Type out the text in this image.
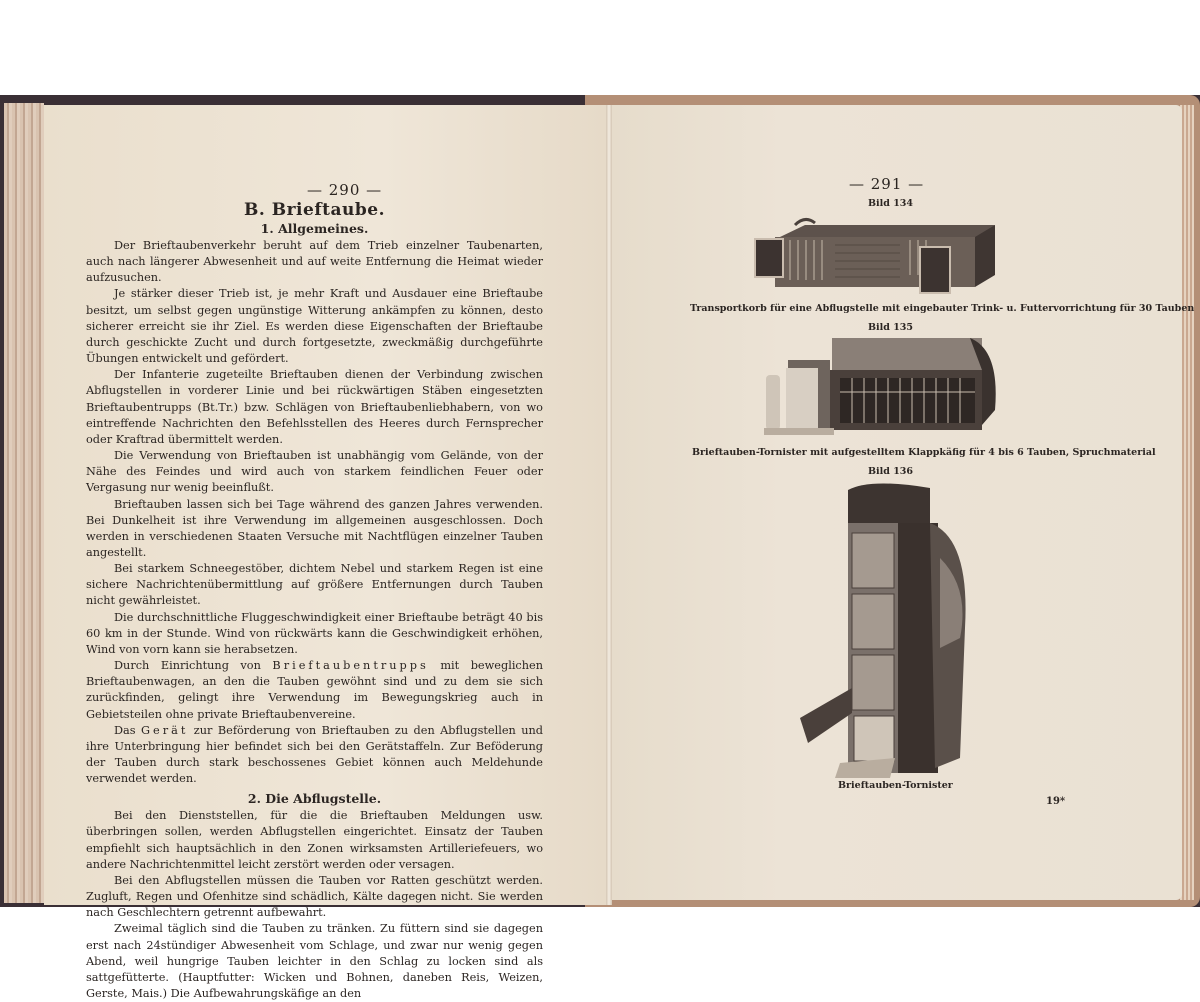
— 290 —
B. Brieftaube.
1. Allgemeines.

Der Brieftaubenverkehr beruht auf dem Trieb einzelner Taubenarten, auch nach längerer Abwesenheit und auf weite Entfernung die Heimat wieder aufzusuchen.

Je stärker dieser Trieb ist, je mehr Kraft und Ausdauer eine Brieftaube besitzt, um selbst gegen ungünstige Witterung ankämpfen zu können, desto sicherer erreicht sie ihr Ziel. Es werden diese Eigenschaften der Brieftaube durch geschickte Zucht und durch fortgesetzte, zweckmäßig durchgeführte Übungen entwickelt und gefördert.

Der Infanterie zugeteilte Brieftauben dienen der Verbindung zwischen Abflugstellen in vorderer Linie und bei rückwärtigen Stäben eingesetzten Brieftaubentrupps (Bt.Tr.) bzw. Schlägen von Brieftaubenliebhabern, von wo eintreffende Nachrichten den Befehlsstellen des Heeres durch Fernsprecher oder Kraftrad übermittelt werden.

Die Verwendung von Brieftauben ist unabhängig vom Gelände, von der Nähe des Feindes und wird auch von starkem feindlichen Feuer oder Vergasung nur wenig beeinflußt.

Brieftauben lassen sich bei Tage während des ganzen Jahres verwenden. Bei Dunkelheit ist ihre Verwendung im allgemeinen ausgeschlossen. Doch werden in verschiedenen Staaten Versuche mit Nachtflügen einzelner Tauben angestellt.

Bei starkem Schneegestöber, dichtem Nebel und starkem Regen ist eine sichere Nachrichtenübermittlung auf größere Entfernungen durch Tauben nicht gewährleistet.

Die durchschnittliche Fluggeschwindigkeit einer Brieftaube beträgt 40 bis 60 km in der Stunde. Wind von rückwärts kann die Geschwindigkeit erhöhen, Wind von vorn kann sie herabsetzen.

Durch Einrichtung von Brieftaubentrupps mit beweglichen Brieftaubenwagen, an den die Tauben gewöhnt sind und zu dem sie sich zurückfinden, gelingt ihre Verwendung im Bewegungskrieg auch in Gebietsteilen ohne private Brieftaubenvereine.

Das Gerät zur Beförderung von Brieftauben zu den Abflugstellen und ihre Unterbringung hier befindet sich bei den Gerätstaffeln. Zur Beföderung der Tauben durch stark beschossenes Gebiet können auch Meldehunde verwendet werden.

2. Die Abflugstelle.

Bei den Dienststellen, für die die Brieftauben Meldungen usw. überbringen sollen, werden Abflugstellen eingerichtet. Einsatz der Tauben empfiehlt sich hauptsächlich in den Zonen wirksamsten Artilleriefeuers, wo andere Nachrichtenmittel leicht zerstört werden oder versagen.

Bei den Abflugstellen müssen die Tauben vor Ratten geschützt werden. Zugluft, Regen und Ofenhitze sind schädlich, Kälte dagegen nicht. Sie werden nach Geschlechtern getrennt aufbewahrt.

Zweimal täglich sind die Tauben zu tränken. Zu füttern sind sie dagegen erst nach 24stündiger Abwesenheit vom Schlage, und zwar nur wenig gegen Abend, weil hungrige Tauben leichter in den Schlag zu locken sind als sattgefütterte. (Hauptfutter: Wicken und Bohnen, daneben Reis, Weizen, Gerste, Mais.) Die Aufbewahrungskäfige an den

— 291 —
Bild 134
Transportkorb für eine Abflugstelle mit eingebauter Trink- u. Futtervorrichtung für 30 Tauben
Bild 135
Brieftauben-Tornister mit aufgestelltem Klappkäfig für 4 bis 6 Tauben, Spruchmaterial
Bild 136
Brieftauben-Tornister
19*
